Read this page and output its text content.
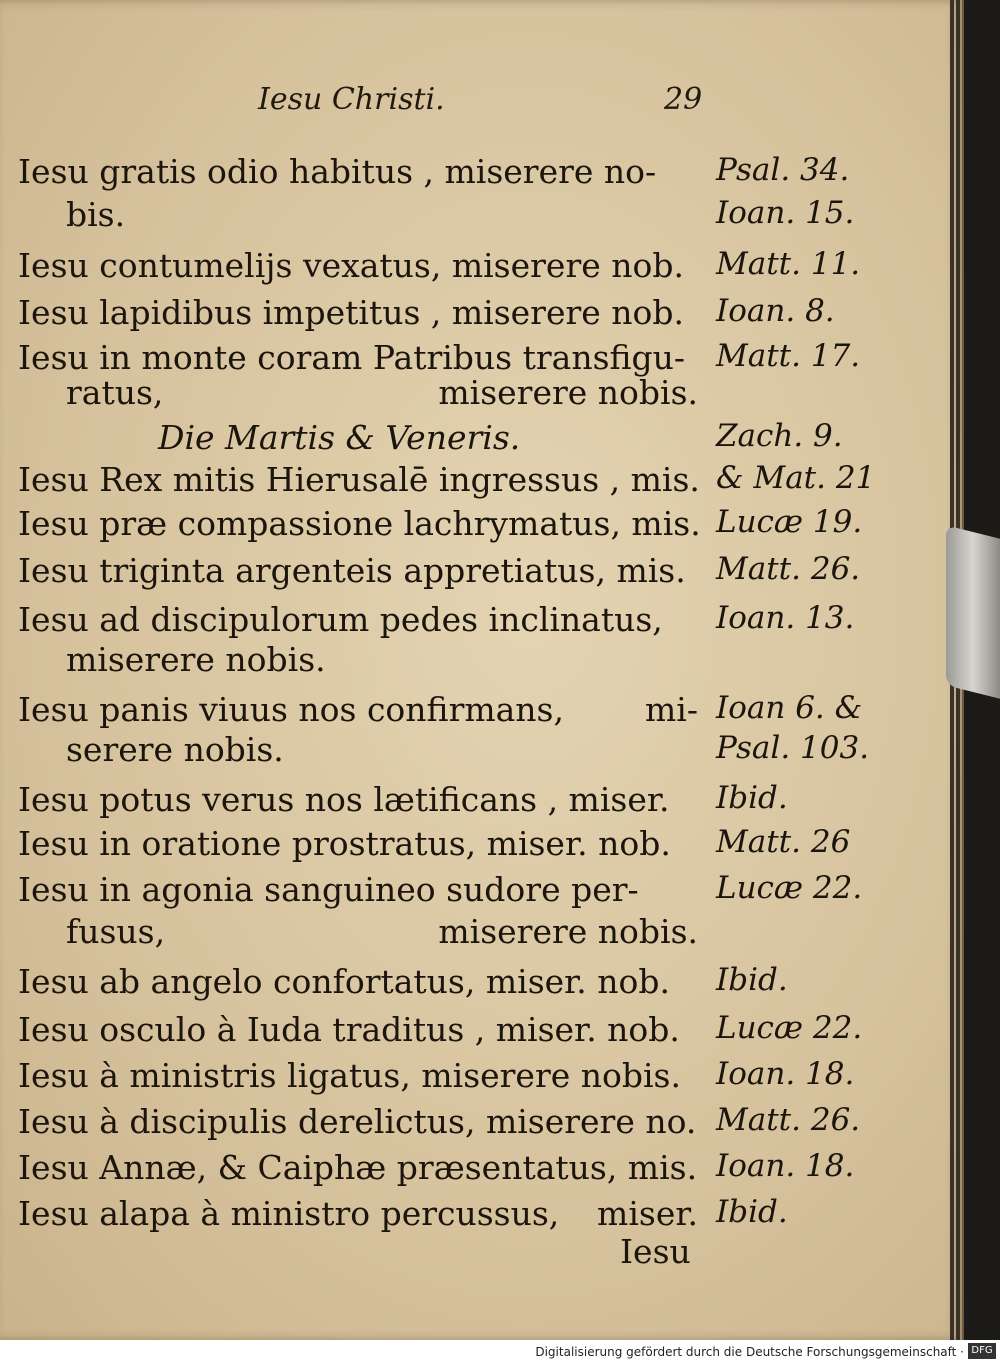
Iesu Christi.	29
Iesu gratis odio habitus , miserere no- Psal. 34.
bis.	Ioan. 15.
Iesu contumelijs vexatus, miserere nob. Matt. 11.
Iesu lapidibus impetitus , miserere nob. Ioan. 8.
Iesu in monte coram Patribus transfigu- Matt. 17.
ratus,	miserere nobis.
Die Martis & Veneris.	Zach. 9.
Iesu Rex mitis Hierusalē ingressus , mis. & Mat. 21
Iesu præ compassione lachrymatus, mis. Lucæ 19.
Iesu triginta argenteis appretiatus, mis. Matt. 26.
Iesu ad discipulorum pedes inclinatus, Ioan. 13.
miserere nobis.
Iesu panis viuus nos confirmans, mi- Ioan 6. &
serere nobis.	Psal. 103.
Iesu potus verus nos lætificans , miser. Ibid.
Iesu in oratione prostratus, miser. nob. Matt. 26
Iesu in agonia sanguineo sudore per- Lucæ 22.
fusus,	miserere nobis.
Iesu ab angelo confortatus, miser. nob. Ibid.
Iesu osculo à Iuda traditus , miser. nob. Lucæ 22.
Iesu à ministris ligatus, miserere nobis. Ioan. 18.
Iesu à discipulis derelictus, miserere no. Matt. 26.
Iesu Annæ, & Caiphæ præsentatus, mis. Ioan. 18.
Iesu alapa à ministro percussus, miser. Ibid.
Iesu
Digitalisierung gefördert durch die Deutsche Forschungsgemeinschaft · DFG
